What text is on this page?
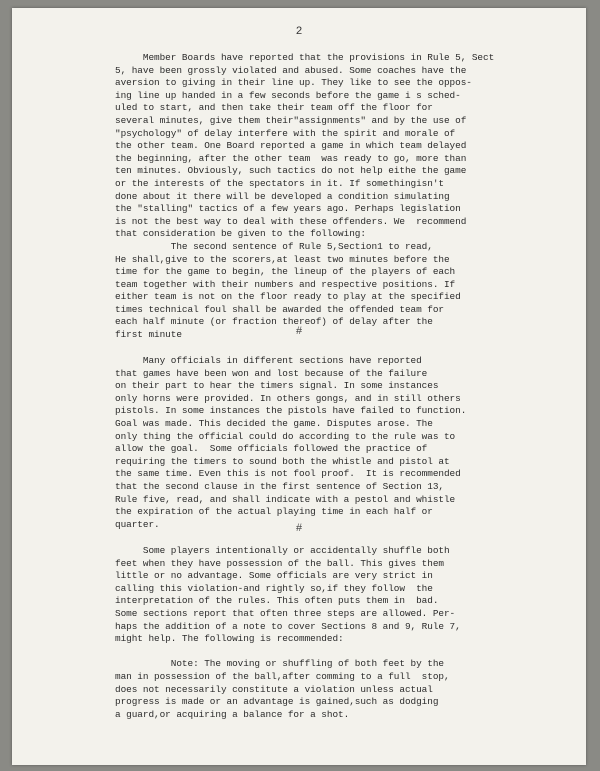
2
Member Boards have reported that the provisions in Rule 5, Sect
5, have been grossly violated and abused. Some coaches have the
aversion to giving in their line up. They like to see the oppos-
ing line up handed in a few seconds before the game i s sched-
uled to start, and then take their team off the floor for
several minutes, give them their"assignments" and by the use of
"psychology" of delay interfere with the spirit and morale of
the other team. One Board reported a game in which team delayed
the beginning, after the other team  was ready to go, more than
ten minutes. Obviously, such tactics do not help eithe the game
or the interests of the spectators in it. If somethingisn't
done about it there will be developed a condition simulating
the "stalling" tactics of a few years ago. Perhaps legislation
is not the best way to deal with these offenders. We  recommend
that consideration be given to the following:
The second sentence of Rule 5,Section1 to read,
He shall,give to the scorers,at least two minutes before the
time for the game to begin, the lineup of the players of each
team together with their numbers and respective positions. If
either team is not on the floor ready to play at the specified
times technical foul shall be awarded the offended team for
each half minute (or fraction thereof) of delay after the
first minute	#
Many officials in different sections have reported
that games have been won and lost because of the failure
on their part to hear the timers signal. In some instances
only horns were provided. In others gongs, and in still others
pistols. In some instances the pistols have failed to function.
Goal was made. This decided the game. Disputes arose. The
only thing the official could do according to the rule was to
allow the goal.  Some officials followed the practice of
requiring the timers to sound both the whistle and pistol at
the same time. Even this is not fool proof.  It is recommended
that the second clause in the first sentence of Section 13,
Rule five, read, and shall indicate with a pestol and whistle
the expiration of the actual playing time in each half or
quarter.	#
Some players intentionally or accidentally shuffle both
feet when they have possession of the ball. This gives them
little or no advantage. Some officials are very strict in
calling this violation-and rightly so,if they follow  the
interpretation of the rules. This often puts them in  bad.
Some sections report that often three steps are allowed. Per-
haps the addition of a note to cover Sections 8 and 9, Rule 7,
might help. The following is recommended:
Note: The moving or shuffling of both feet by the
man in possession of the ball,after comming to a full  stop,
does not necessarily constitute a violation unless actual
progress is made or an advantage is gained,such as dodging
a guard,or acquiring a balance for a shot.
